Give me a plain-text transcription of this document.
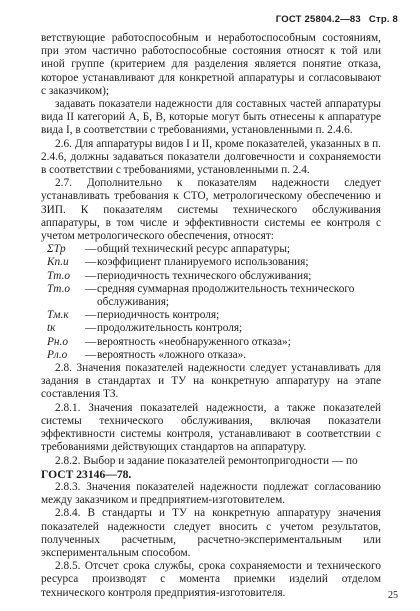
ГОСТ 25804.2—83 Стр. 8

ветствующие работоспособным и неработоспособным состояниям, при этом частично работоспособные состояния относят к той или иной группе (критерием для разделения является понятие отказа, которое устанавливают для конкретной аппаратуры и согласовывают с заказчиком);

задавать показатели надежности для составных частей аппаратуры вида II категорий А, Б, В, которые могут быть отнесены к аппаратуре вида I, в соответствии с требованиями, установленными п. 2.4.6.

2.6. Для аппаратуры видов I и II, кроме показателей, указанных в п. 2.4.6, должны задаваться показатели долговечности и сохраняемости в соответствии с требованиями, установленными п. 2.4.

2.7. Дополнительно к показателям надежности следует устанавливать требования к СТО, метрологическому обеспечению и ЗИП. К показателям системы технического обслуживания аппаратуры, в том числе и эффективности системы ее контроля с учетом метрологического обеспечения, относят:

ΣTр	— общий технический ресурс аппаратуры;
Kп.и	— коэффициент планируемого использования;
Tт.о	— периодичность технического обслуживания;
Tт.о	— средняя суммарная продолжительность технического обслуживания;
Tм.к	— периодичность контроля;
tк	— продолжительность контроля;
Pн.о	— вероятность «необнаруженного отказа»;
Pл.о	— вероятность «ложного отказа».

2.8. Значения показателей надежности следует устанавливать для задания в стандартах и ТУ на конкретную аппаратуру на этапе составления ТЗ.

2.8.1. Значения показателей надежности, а также показателей системы технического обслуживания, включая показатели эффективности системы контроля, устанавливают в соответствии с требованиями действующих стандартов на аппаратуру.

2.8.2. Выбор и задание показателей ремонтопригодности — по

ГОСТ 23146—78.

2.8.3. Значения показателей надежности подлежат согласованию между заказчиком и предприятием-изготовителем.

2.8.4. В стандарты и ТУ на конкретную аппаратуру значения показателей надежности следует вносить с учетом результатов, полученных расчетным, расчетно-экспериментальным или экспериментальным способом.

2.8.5. Отсчет срока службы, срока сохраняемости и технического ресурса производят с момента приемки изделий отделом технического контроля предприятия-изготовителя.	25
